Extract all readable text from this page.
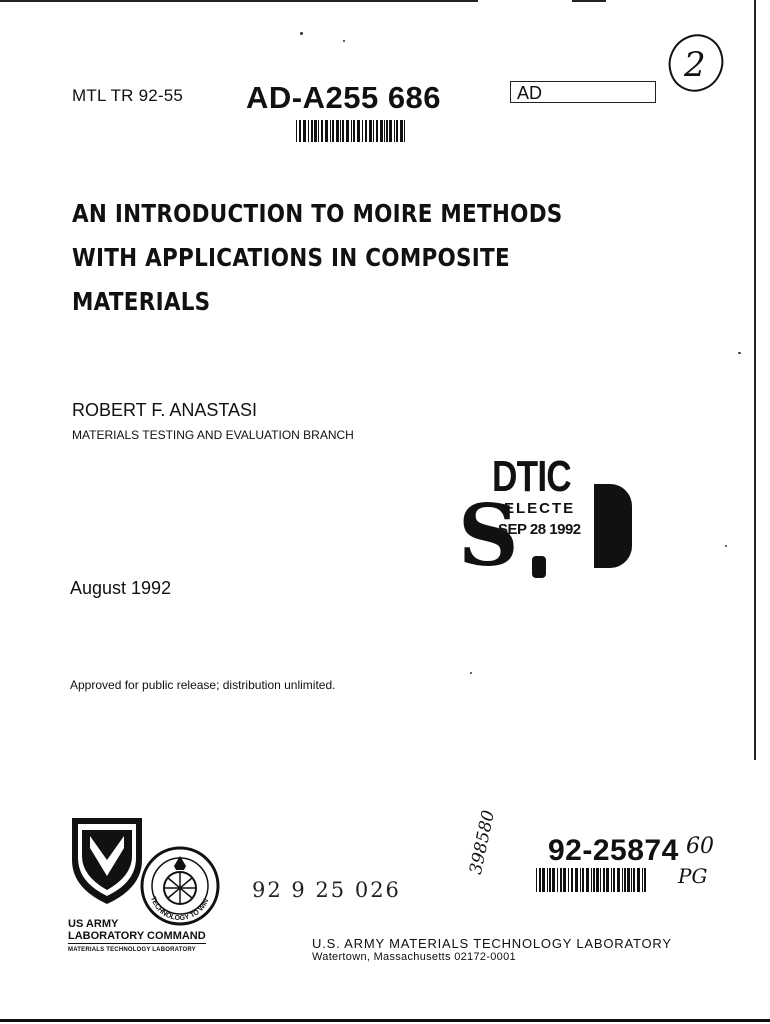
MTL TR 92-55 AD-A255 686	AD
2
AN INTRODUCTION TO MOIRE METHODS
WITH APPLICATIONS IN COMPOSITE
MATERIALS
ROBERT F. ANASTASI
MATERIALS TESTING AND EVALUATION BRANCH
DTIC
ELECTE
SEP 28 1992
S
August 1992
Approved for public release; distribution unlimited.
TECHNOLOGY TO WIN
US ARMY
LABORATORY COMMAND
MATERIALS TECHNOLOGY LABORATORY
92 9 25 026
398580 92-25874 60
PG
U.S. ARMY MATERIALS TECHNOLOGY LABORATORY
Watertown, Massachusetts 02172-0001
